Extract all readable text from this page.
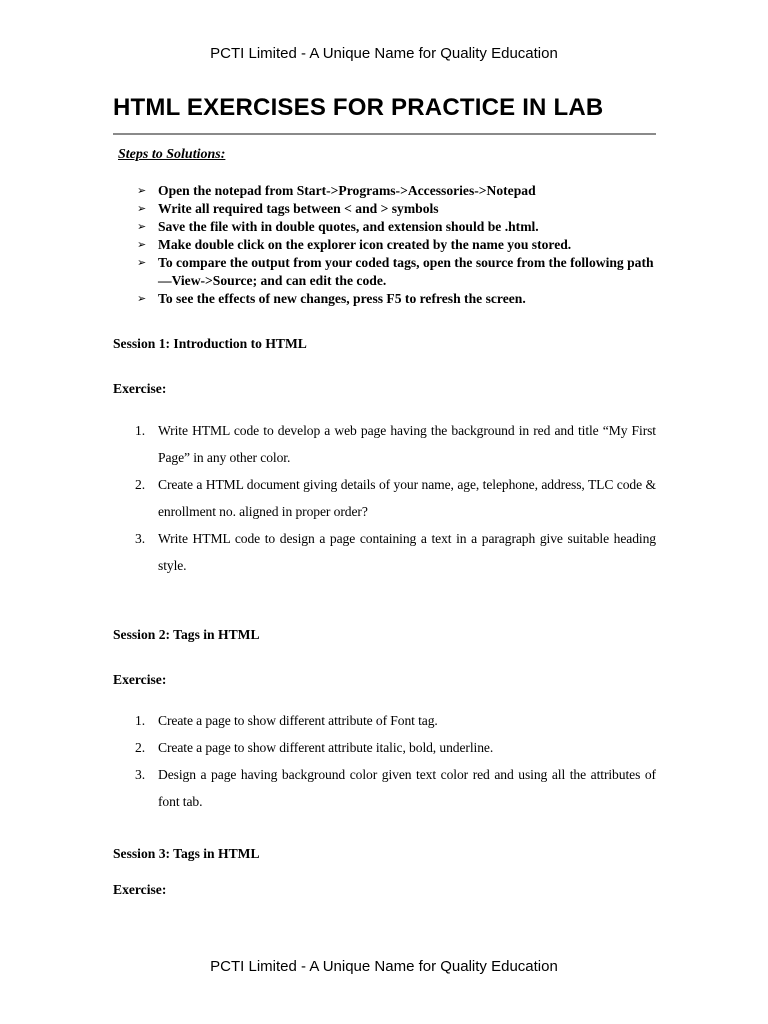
PCTI Limited - A Unique Name for Quality Education
HTML EXERCISES FOR PRACTICE IN LAB

Steps to Solutions:

➢ Open the notepad from Start->Programs->Accessories->Notepad
➢ Write all required tags between < and > symbols
➢ Save the file with in double quotes, and extension should be .html.
➢ Make double click on the explorer icon created by the name you stored.
➢ To compare the output from your coded tags, open the source from the following path—View->Source; and can edit the code.
➢ To see the effects of new changes, press F5 to refresh the screen.

Session 1: Introduction to HTML

Exercise:

1. Write HTML code to develop a web page having the background in red and title “My First Page” in any other color.
2. Create a HTML document giving details of your name, age, telephone, address, TLC code & enrollment no. aligned in proper order?
3. Write HTML code to design a page containing a text in a paragraph give suitable heading style.

Session 2: Tags in HTML

Exercise:

1. Create a page to show different attribute of Font tag.
2. Create a page to show different attribute italic, bold, underline.
3. Design a page having background color given text color red and using all the attributes of font tab.

Session 3: Tags in HTML

Exercise:

PCTI Limited - A Unique Name for Quality Education
